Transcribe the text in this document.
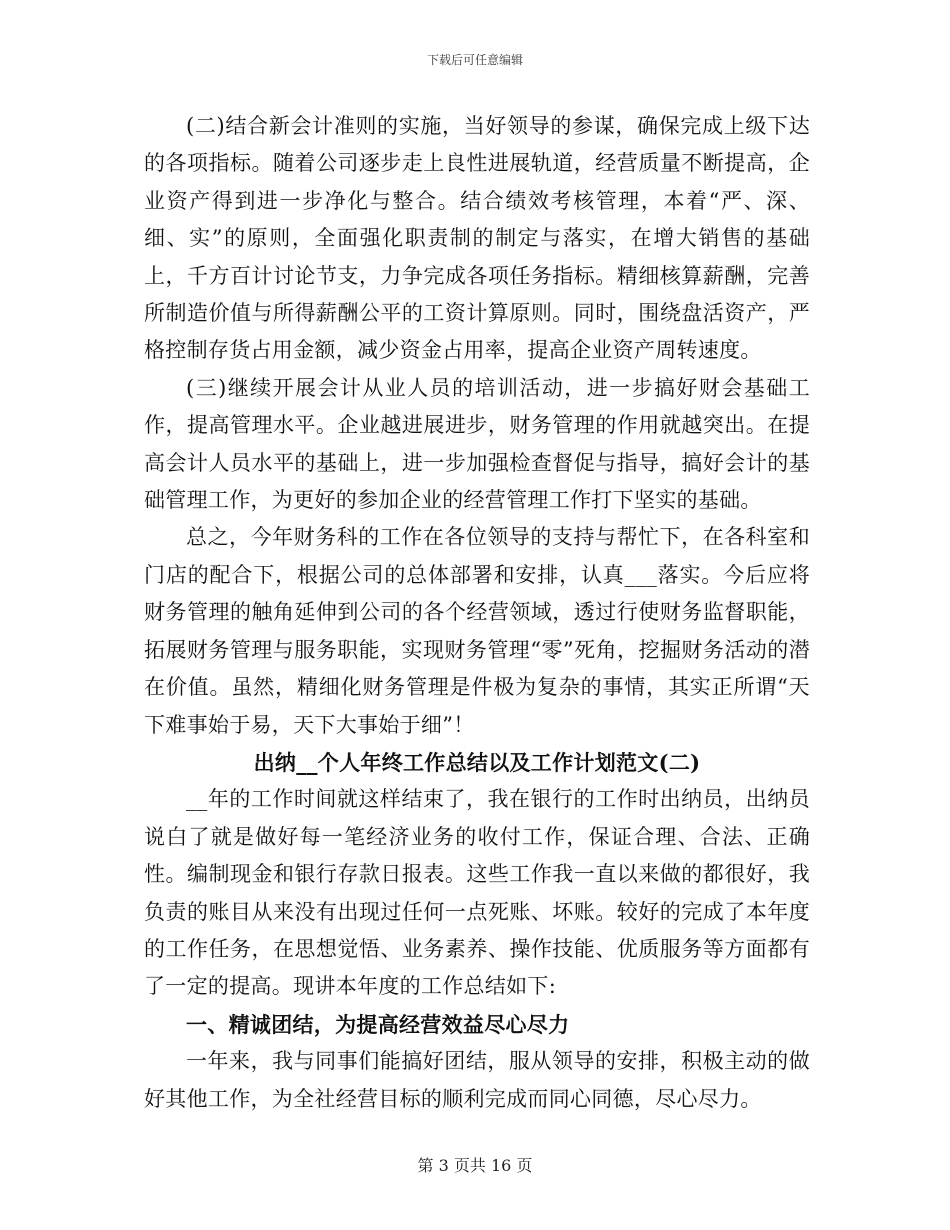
下载后可任意编辑

(二)结合新会计准则的实施，当好领导的参谋，确保完成上级下达的各项指标。随着公司逐步走上良性进展轨道，经营质量不断提高，企业资产得到进一步净化与整合。结合绩效考核管理，本着“严、深、细、实”的原则，全面强化职责制的制定与落实，在增大销售的基础上，千方百计讨论节支，力争完成各项任务指标。精细核算薪酬，完善所制造价值与所得薪酬公平的工资计算原则。同时，围绕盘活资产，严格控制存货占用金额，减少资金占用率，提高企业资产周转速度。

(三)继续开展会计从业人员的培训活动，进一步搞好财会基础工作，提高管理水平。企业越进展进步，财务管理的作用就越突出。在提高会计人员水平的基础上，进一步加强检查督促与指导，搞好会计的基础管理工作，为更好的参加企业的经营管理工作打下坚实的基础。

总之，今年财务科的工作在各位领导的支持与帮忙下，在各科室和门店的配合下，根据公司的总体部署和安排，认真___落实。今后应将财务管理的触角延伸到公司的各个经营领域，透过行使财务监督职能，拓展财务管理与服务职能，实现财务管理“零”死角，挖掘财务活动的潜在价值。虽然，精细化财务管理是件极为复杂的事情，其实正所谓“天下难事始于易，天下大事始于细”！

出纳__个人年终工作总结以及工作计划范文(二)

__年的工作时间就这样结束了，我在银行的工作时出纳员，出纳员说白了就是做好每一笔经济业务的收付工作，保证合理、合法、正确性。编制现金和银行存款日报表。这些工作我一直以来做的都很好，我负责的账目从来没有出现过任何一点死账、坏账。较好的完成了本年度的工作任务，在思想觉悟、业务素养、操作技能、优质服务等方面都有了一定的提高。现讲本年度的工作总结如下:

一、精诚团结，为提高经营效益尽心尽力

一年来，我与同事们能搞好团结，服从领导的安排，积极主动的做好其他工作，为全社经营目标的顺利完成而同心同德，尽心尽力。

第 3 页共 16 页
